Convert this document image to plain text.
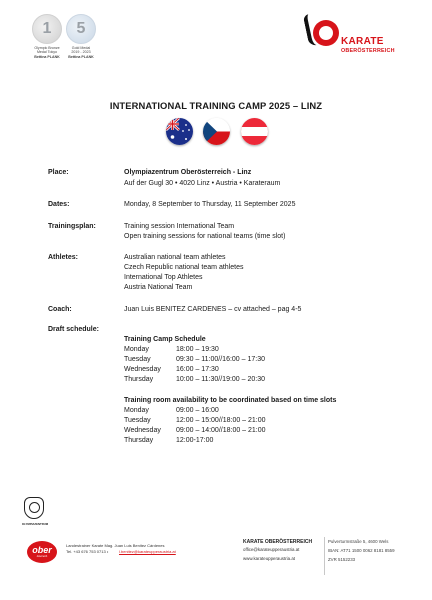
1	5
Olympic Bronze
Medal Tokyo
Bettina PLANK
Gold Medal
2019 - 2023
Bettina PLANK
KARATE
OBERÖSTERREICH
INTERNATIONAL TRAINING CAMP 2025 – LINZ
Place:	Olympiazentrum Oberösterreich - Linz
Auf der Gugl 30 • 4020 Linz • Austria • Karateraum
Dates:	Monday, 8 September to Thursday, 11 September 2025
Trainingsplan:	Training session International Team
Open training sessions for national teams (time slot)
Athletes:	Australian national team athletes
Czech Republic national team athletes
International Top Athletes
Austria National Team
Coach:	Juan Luis BENITEZ CARDENES – cv attached – pag 4-5
Draft schedule:
Training Camp Schedule
Monday	18:00 – 19:30
Tuesday	09:30 – 11:00//16:00 – 17:30
Wednesday 16:00 – 17:30
Thursday	10:00 – 11:30//19:00 – 20:30
Training room availability to be coordinated based on time slots
Monday	09:00 – 16:00
Tuesday	12:00 – 15:00//18:00 – 21:00
Wednesday 09:00 – 14:00//18:00 – 21:00
Thursday	12:00-17:00
OLYMPIAZENTRUM
ober
österreich
Landestrainer Karate Mag. Juan Luis Benitez Cárdenes
Tel. +43 676 753 0713 •	l.benitez@karateupperaustria.at
KARATE OBERÖSTERREICH
office@karateupperaustria.at
www.karateupperaustria.at
Pulverturmstraße 5, 4600 Wels
IBAN: AT71 1500 0062 8181 8559
ZVR 5152233
